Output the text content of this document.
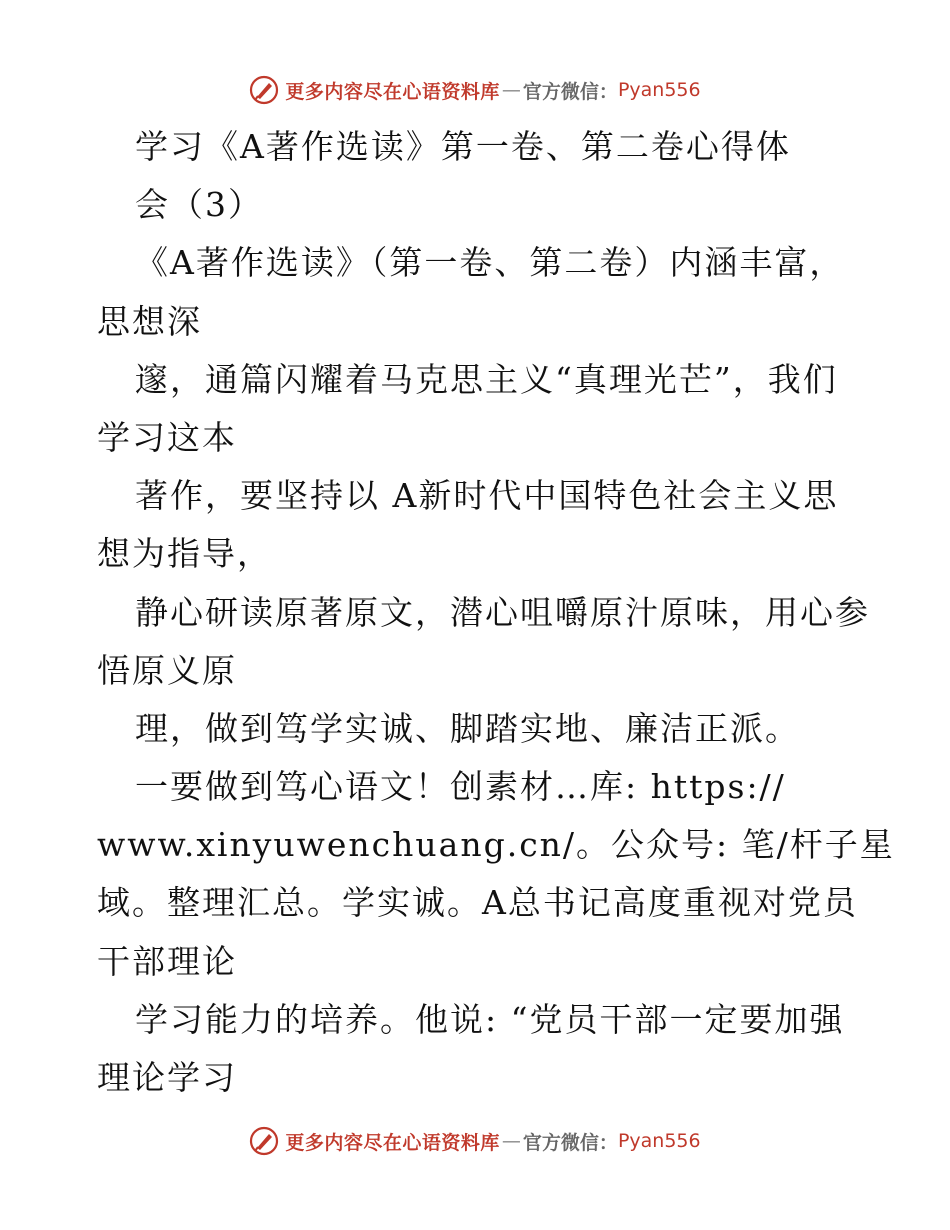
更多内容尽在心语资料库 — 官方微信： Pyan556
学习《A著作选读》第一卷、第二卷心得体
会（3）
《A著作选读》（第一卷、第二卷）内涵丰富，
思想深
邃，通篇闪耀着马克思主义“真理光芒”，我们
学习这本
著作，要坚持以 A新时代中国特色社会主义思
想为指导，
静心研读原著原文，潜心咀嚼原汁原味，用心参
悟原义原
理，做到笃学实诚、脚踏实地、廉洁正派。
一要做到笃心语文！创素材…库: https://
www.xinyuwenchuang.cn/。公众号: 笔/杆子星
域。整理汇总。学实诚。A总书记高度重视对党员
干部理论
学习能力的培养。他说: “党员干部一定要加强
理论学习
更多内容尽在心语资料库 — 官方微信： Pyan556
